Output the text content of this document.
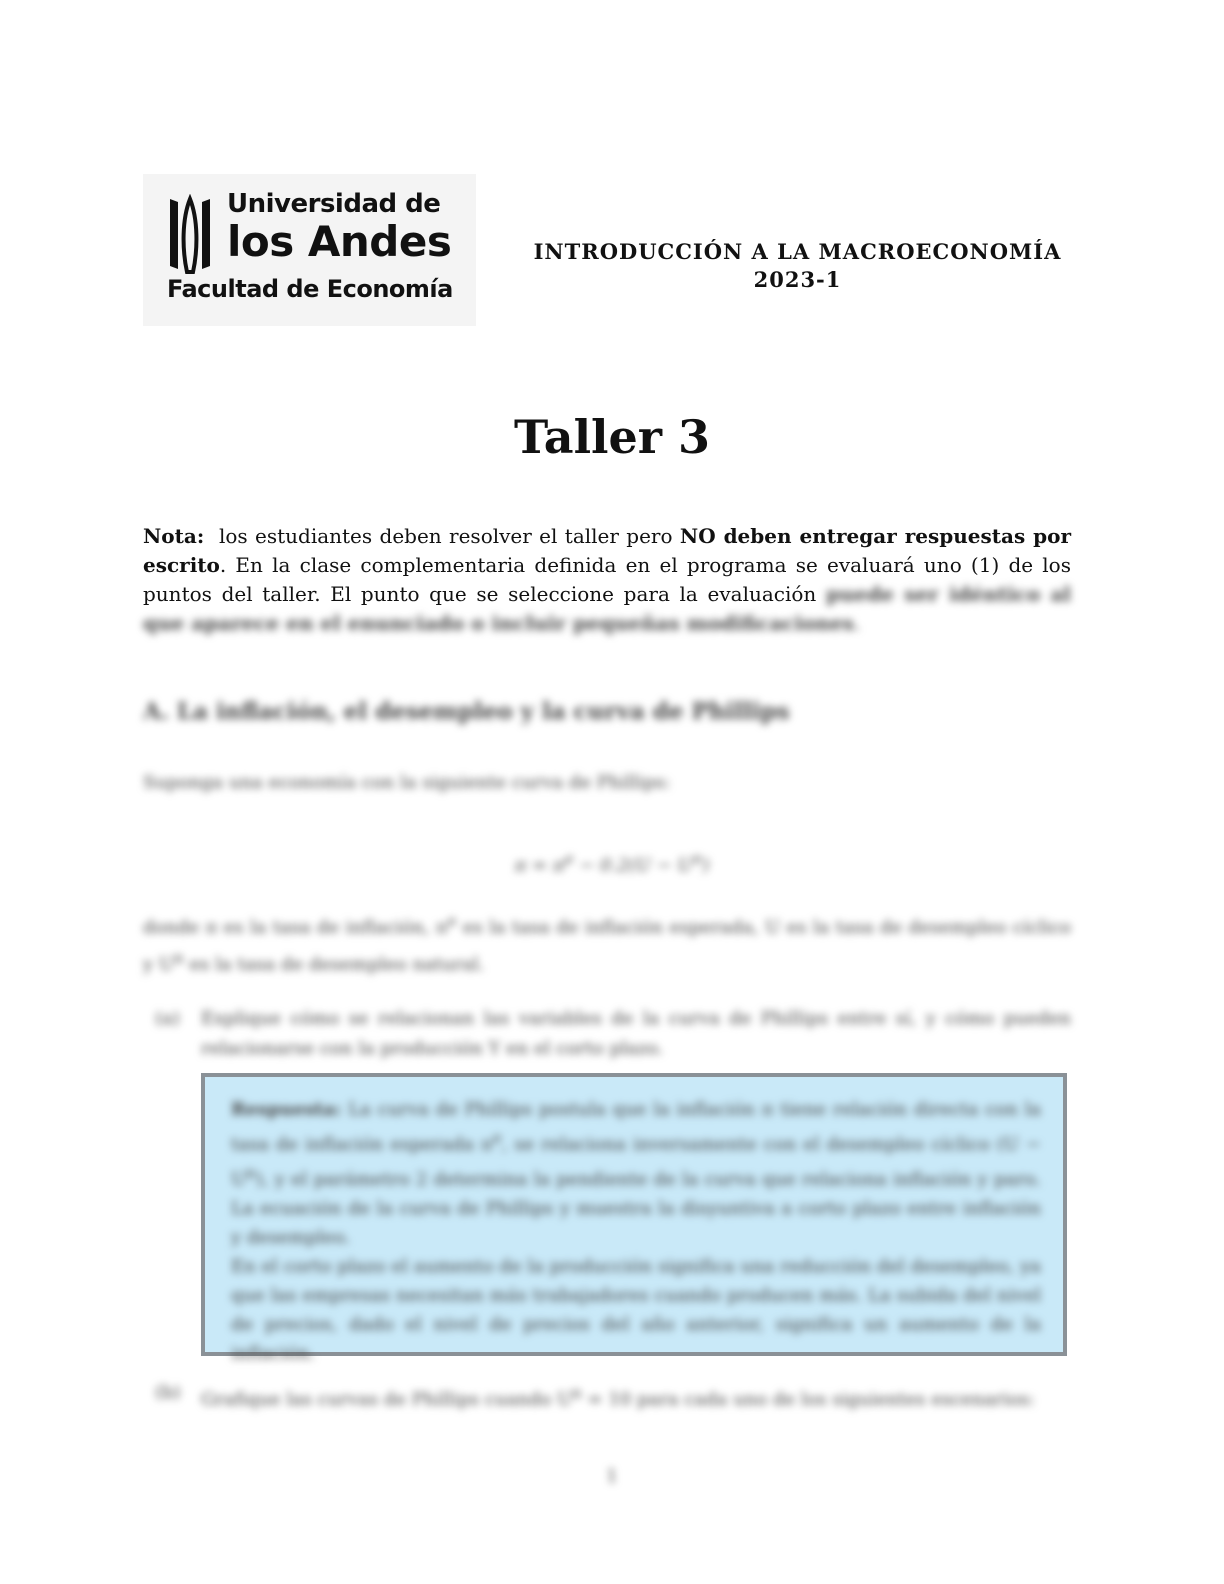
Universidad de
los Andes
Facultad de Economía
INTRODUCCIÓN A LA MACROECONOMÍA
2023-1
Taller 3
Nota: los estudiantes deben resolver el taller pero NO deben entregar respuestas por escrito. En la clase complementaria definida en el programa se evaluará uno (1) de los puntos del taller. El punto que se seleccione para la evaluación puede ser idéntico al que aparece en el enunciado o incluir pequeñas modificaciones.
A. La inflación, el desempleo y la curva de Phillips
Suponga una economía con la siguiente curva de Phillips:
$\pi = \pi^e - 0.2(U - U^n)$
donde π es la tasa de inflación, $\pi^e$ es la tasa de inflación esperada, U es la tasa de desempleo cíclico y $U^n$ es la tasa de desempleo natural.
(a)	Explique cómo se relacionan las variables de la curva de Phillips entre sí, y cómo pueden relacionarse con la producción Y en el corto plazo.
Respuesta: La curva de Phillips postula que la inflación π tiene relación directa con la tasa de inflación esperada $\pi^e$, se relaciona inversamente con el desempleo cíclico $(U - U^n)$, y el parámetro 2 determina la pendiente de la curva que relaciona inflación y paro. La ecuación de la curva de Phillips y muestra la disyuntiva a corto plazo entre inflación y desempleo.
En el corto plazo el aumento de la producción significa una reducción del desempleo, ya que las empresas necesitan más trabajadores cuando producen más. La subida del nivel de precios, dado el nivel de precios del año anterior, significa un aumento de la inflación.
(b)	Grafique las curvas de Phillips cuando $U^n = 10$ para cada uno de los siguientes escenarios:
1
